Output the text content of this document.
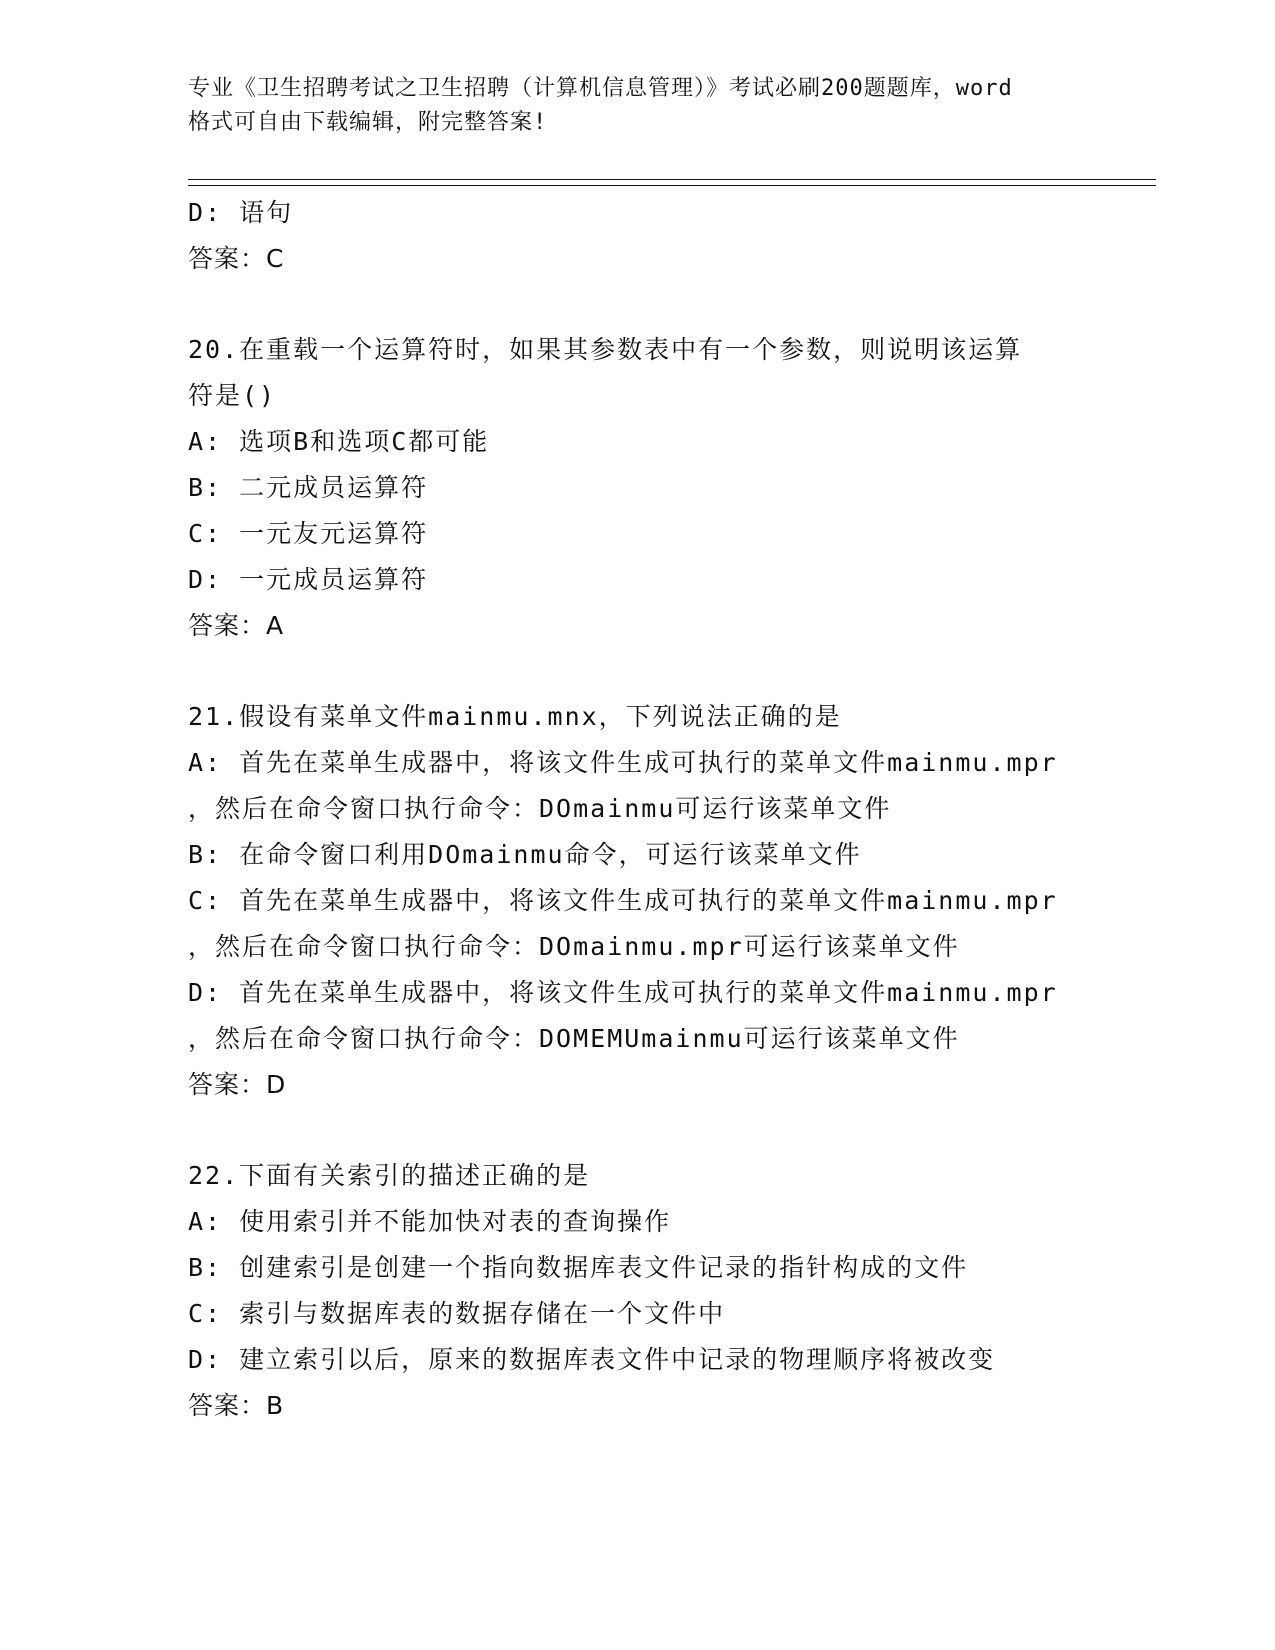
专业《卫生招聘考试之卫生招聘（计算机信息管理）》考试必刷200题题库，word
格式可自由下载编辑，附完整答案!
D: 语句
答案：C
20.在重载一个运算符时，如果其参数表中有一个参数，则说明该运算
符是()
A: 选项B和选项C都可能
B: 二元成员运算符
C: 一元友元运算符
D: 一元成员运算符
答案：A
21.假设有菜单文件mainmu.mnx，下列说法正确的是
A: 首先在菜单生成器中，将该文件生成可执行的菜单文件mainmu.mpr
，然后在命令窗口执行命令：DOmainmu可运行该菜单文件
B: 在命令窗口利用DOmainmu命令，可运行该菜单文件
C: 首先在菜单生成器中，将该文件生成可执行的菜单文件mainmu.mpr
，然后在命令窗口执行命令：DOmainmu.mpr可运行该菜单文件
D: 首先在菜单生成器中，将该文件生成可执行的菜单文件mainmu.mpr
，然后在命令窗口执行命令：DOMEMUmainmu可运行该菜单文件
答案：D
22.下面有关索引的描述正确的是
A: 使用索引并不能加快对表的查询操作
B: 创建索引是创建一个指向数据库表文件记录的指针构成的文件
C: 索引与数据库表的数据存储在一个文件中
D: 建立索引以后，原来的数据库表文件中记录的物理顺序将被改变
答案：B
